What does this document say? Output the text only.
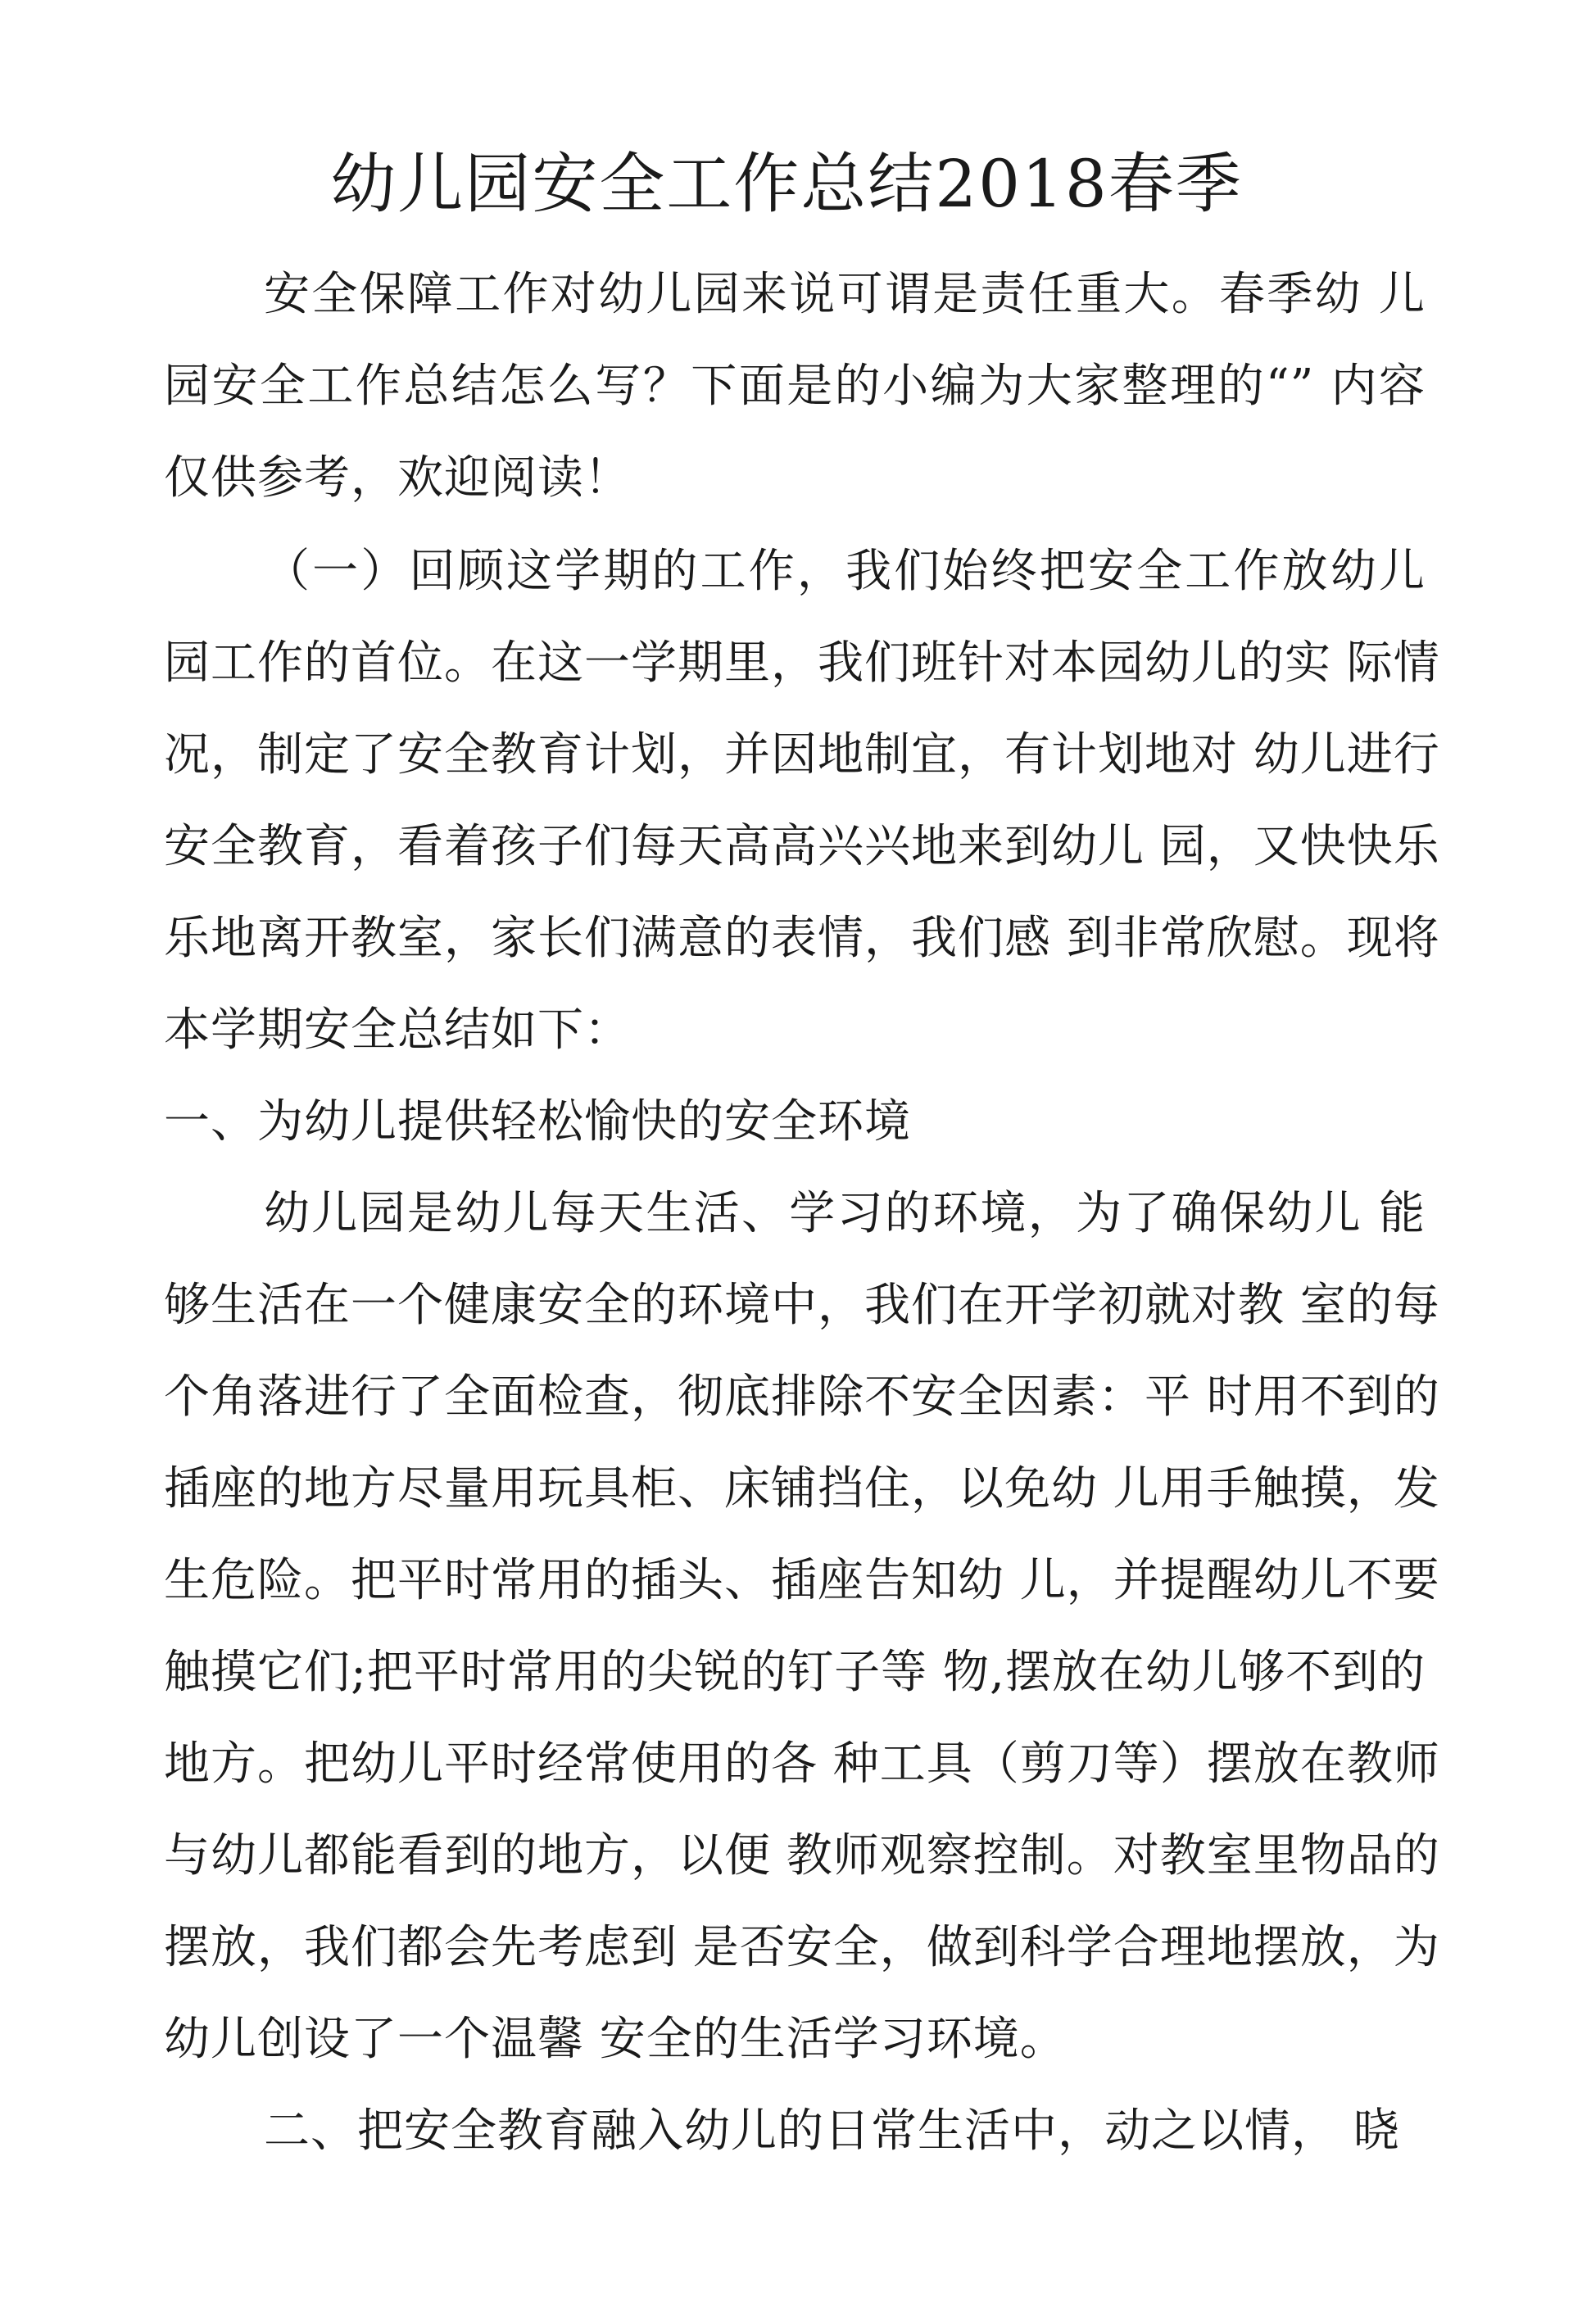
幼儿园安全工作总结2018春季

安全保障工作对幼儿园来说可谓是责任重大。春季幼 儿

园安全工作总结怎么写？下面是的小编为大家整理的“” 内容

仅供参考，欢迎阅读！

（一）回顾这学期的工作，我们始终把安全工作放幼儿

园工作的首位。在这一学期里，我们班针对本园幼儿的实 际情

况，制定了安全教育计划，并因地制宜，有计划地对 幼儿进行

安全教育，看着孩子们每天高高兴兴地来到幼儿 园，又快快乐

乐地离开教室，家长们满意的表情，我们感 到非常欣慰。现将

本学期安全总结如下：

一、为幼儿提供轻松愉快的安全环境

幼儿园是幼儿每天生活、学习的环境，为了确保幼儿 能

够生活在一个健康安全的环境中，我们在开学初就对教 室的每

个角落进行了全面检查，彻底排除不安全因素：平 时用不到的

插座的地方尽量用玩具柜、床铺挡住，以免幼 儿用手触摸，发

生危险。把平时常用的插头、插座告知幼 儿，并提醒幼儿不要

触摸它们;把平时常用的尖锐的钉子等 物,摆放在幼儿够不到的

地方。把幼儿平时经常使用的各 种工具（剪刀等）摆放在教师

与幼儿都能看到的地方，以便 教师观察控制。对教室里物品的

摆放，我们都会先考虑到 是否安全，做到科学合理地摆放，为

幼儿创设了一个温馨 安全的生活学习环境。

二、把安全教育融入幼儿的日常生活中，动之以情， 晓
